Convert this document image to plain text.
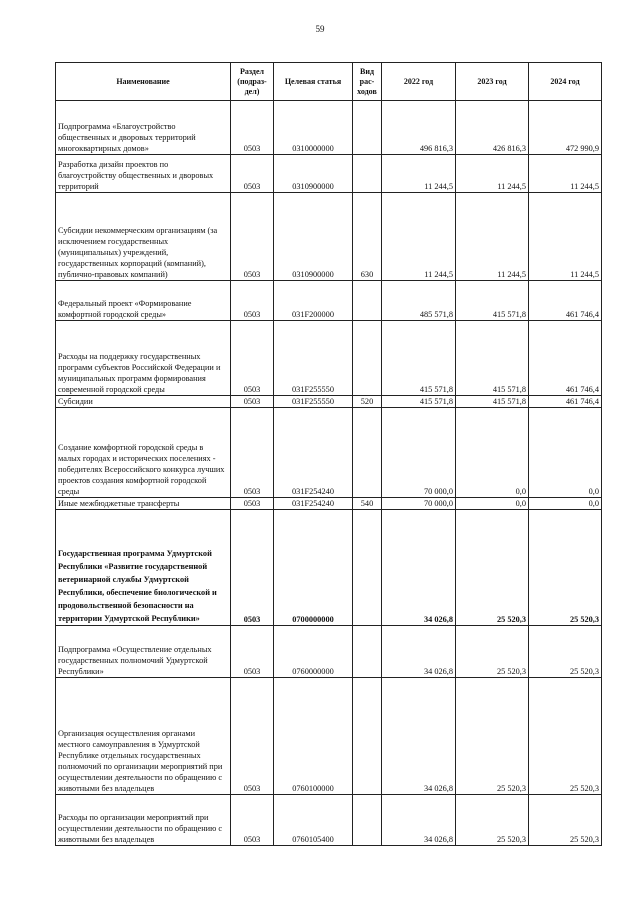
59
Наименование	Раздел (подраз-дел)	Целевая статья	Вид рас-ходов	2022 год	2023 год	2024 год
Подпрограмма «Благоустройство общественных и дворовых территорий многоквартирных домов»	0503	0310000000		496 816,3	426 816,3	472 990,9
Разработка дизайн проектов по благоустройству общественных и дворовых территорий	0503	0310900000		11 244,5	11 244,5	11 244,5
Субсидии некоммерческим организациям (за исключением государственных (муниципальных) учреждений, государственных корпораций (компаний), публично-правовых компаний)	0503	0310900000	630	11 244,5	11 244,5	11 244,5
Федеральный проект «Формирование комфортной городской среды»	0503	031F200000		485 571,8	415 571,8	461 746,4
Расходы на поддержку государственных программ субъектов Российской Федерации и муниципальных программ формирования современной городской среды	0503	031F255550		415 571,8	415 571,8	461 746,4
Субсидии	0503	031F255550	520	415 571,8	415 571,8	461 746,4
Создание комфортной городской среды в малых городах и исторических поселениях - победителях Всероссийского конкурса лучших проектов создания комфортной городской среды	0503	031F254240		70 000,0	0,0	0,0
Иные межбюджетные трансферты	0503	031F254240	540	70 000,0	0,0	0,0
Государственная программа Удмуртской Республики «Развитие государственной ветеринарной службы Удмуртской Республики, обеспечение биологической и продовольственной безопасности на территории Удмуртской Республики»	0503	0700000000		34 026,8	25 520,3	25 520,3
Подпрограмма «Осуществление отдельных государственных полномочий Удмуртской Республики»	0503	0760000000		34 026,8	25 520,3	25 520,3
Организация осуществления органами местного самоуправления в Удмуртской Республике отдельных государственных полномочий по организации мероприятий при осуществлении деятельности по обращению с животными без владельцев	0503	0760100000		34 026,8	25 520,3	25 520,3
Расходы по организации мероприятий при осуществлении деятельности по обращению с животными без владельцев	0503	0760105400		34 026,8	25 520,3	25 520,3
